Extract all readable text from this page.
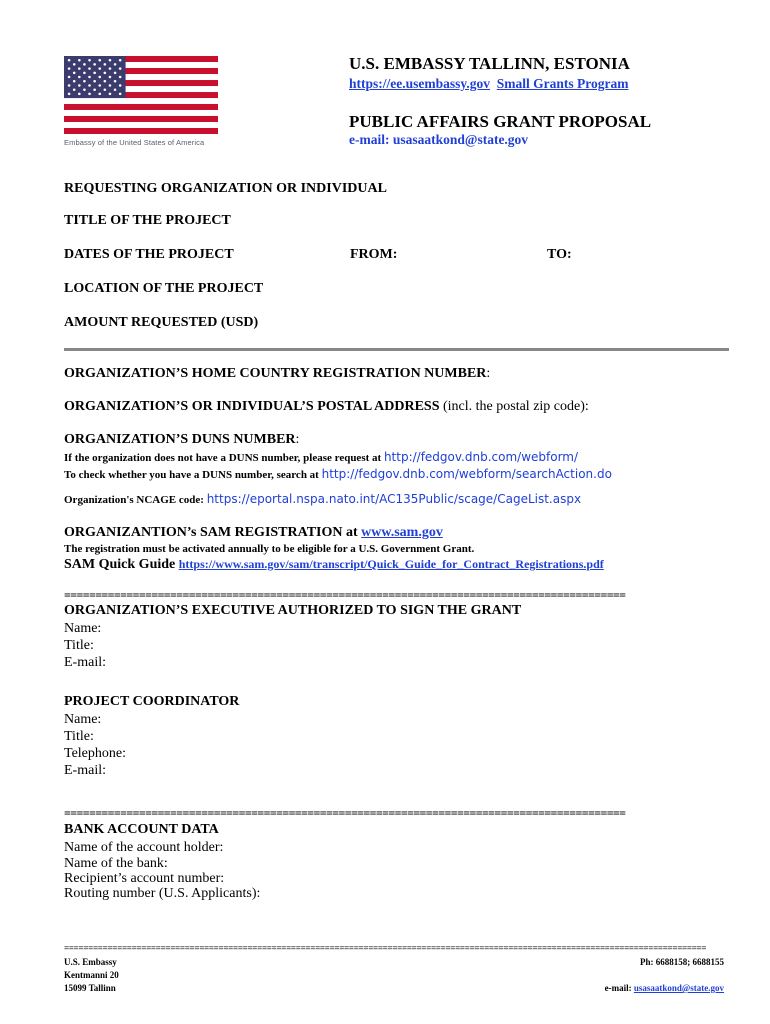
Embassy of the United States of America
U.S. EMBASSY TALLINN, ESTONIA
https://ee.usembassy.gov Small Grants Program
PUBLIC AFFAIRS GRANT PROPOSAL
e-mail: usasaatkond@state.gov
REQUESTING ORGANIZATION OR INDIVIDUAL
TITLE OF THE PROJECT
DATES OF THE PROJECT	FROM:	TO:
LOCATION OF THE PROJECT
AMOUNT REQUESTED (USD)
ORGANIZATION’S HOME COUNTRY REGISTRATION NUMBER:
ORGANIZATION’S OR INDIVIDUAL’S POSTAL ADDRESS (incl. the postal zip code):
ORGANIZATION’S DUNS NUMBER:
If the organization does not have a DUNS number, please request at http://fedgov.dnb.com/webform/
To check whether you have a DUNS number, search at http://fedgov.dnb.com/webform/searchAction.do
Organization's NCAGE code: https://eportal.nspa.nato.int/AC135Public/scage/CageList.aspx
ORGANIZANTION’s SAM REGISTRATION at www.sam.gov
The registration must be activated annually to be eligible for a U.S. Government Grant.
SAM Quick Guide https://www.sam.gov/sam/transcript/Quick_Guide_for_Contract_Registrations.pdf
==========================================================================================
ORGANIZATION’S EXECUTIVE AUTHORIZED TO SIGN THE GRANT
Name:
Title:
E-mail:
PROJECT COORDINATOR
Name:
Title:
Telephone:
E-mail:
==========================================================================================
BANK ACCOUNT DATA
Name of the account holder:
Name of the bank:
Recipient’s account number:
Routing number (U.S. Applicants):
=====================================================================================================================================
U.S. Embassy
Kentmanni 20
15099 Tallinn
Ph: 6688158; 6688155
e-mail: usasaatkond@state.gov
